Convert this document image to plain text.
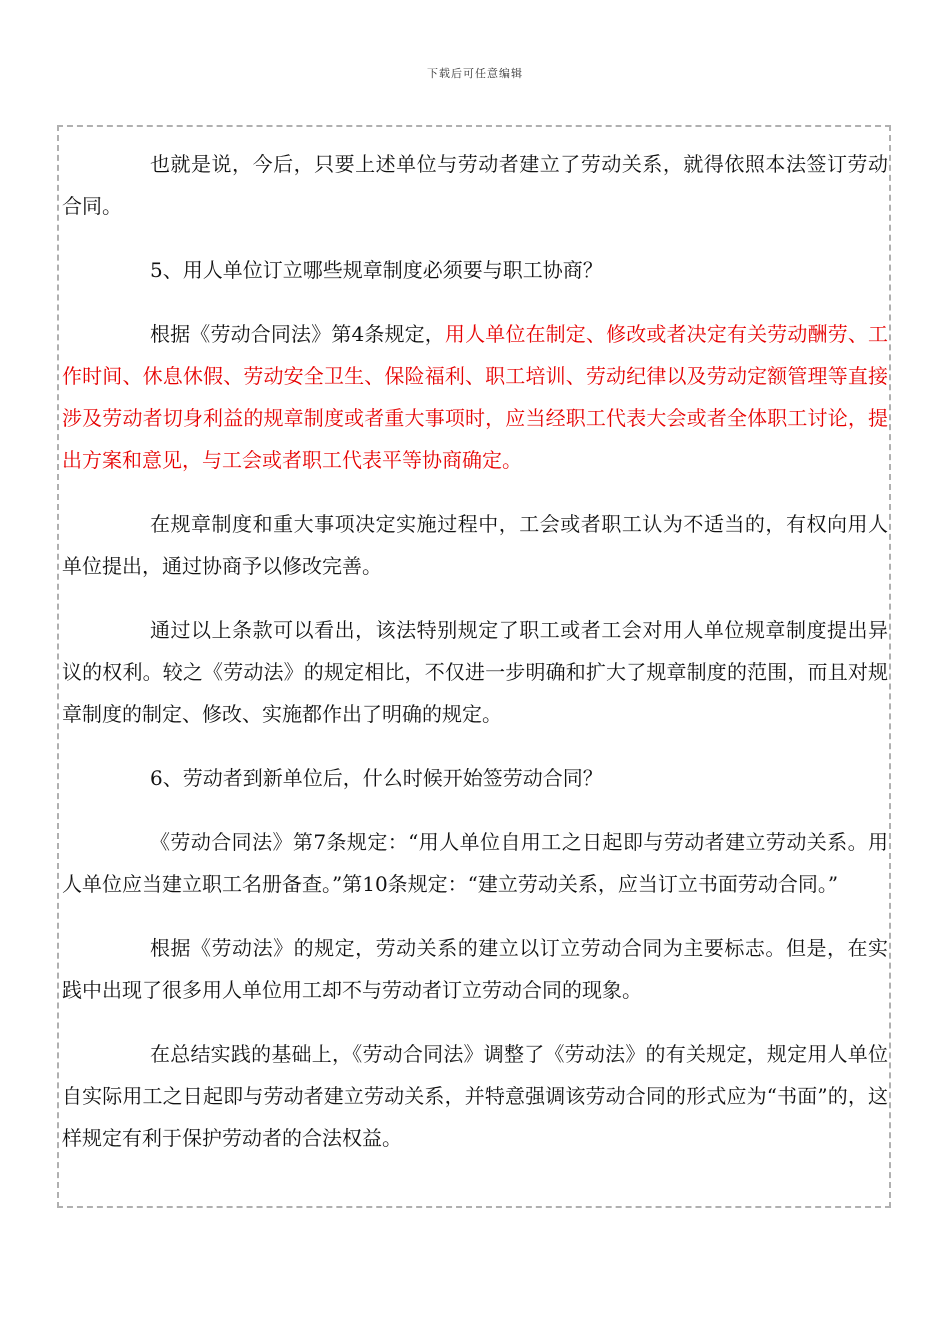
下载后可任意编辑

也就是说，今后，只要上述单位与劳动者建立了劳动关系，就得依照本法签订劳动合同。

5、用人单位订立哪些规章制度必须要与职工协商？

根据《劳动合同法》第4条规定，用人单位在制定、修改或者决定有关劳动酬劳、工作时间、休息休假、劳动安全卫生、保险福利、职工培训、劳动纪律以及劳动定额管理等直接涉及劳动者切身利益的规章制度或者重大事项时，应当经职工代表大会或者全体职工讨论，提出方案和意见，与工会或者职工代表平等协商确定。

在规章制度和重大事项决定实施过程中，工会或者职工认为不适当的，有权向用人单位提出，通过协商予以修改完善。

通过以上条款可以看出，该法特别规定了职工或者工会对用人单位规章制度提出异议的权利。较之《劳动法》的规定相比，不仅进一步明确和扩大了规章制度的范围，而且对规章制度的制定、修改、实施都作出了明确的规定。

6、劳动者到新单位后，什么时候开始签劳动合同？

《劳动合同法》第7条规定：“用人单位自用工之日起即与劳动者建立劳动关系。用人单位应当建立职工名册备查。”第10条规定：“建立劳动关系，应当订立书面劳动合同。”

根据《劳动法》的规定，劳动关系的建立以订立劳动合同为主要标志。但是，在实践中出现了很多用人单位用工却不与劳动者订立劳动合同的现象。

在总结实践的基础上，《劳动合同法》调整了《劳动法》的有关规定，规定用人单位自实际用工之日起即与劳动者建立劳动关系，并特意强调该劳动合同的形式应为“书面”的，这样规定有利于保护劳动者的合法权益。
